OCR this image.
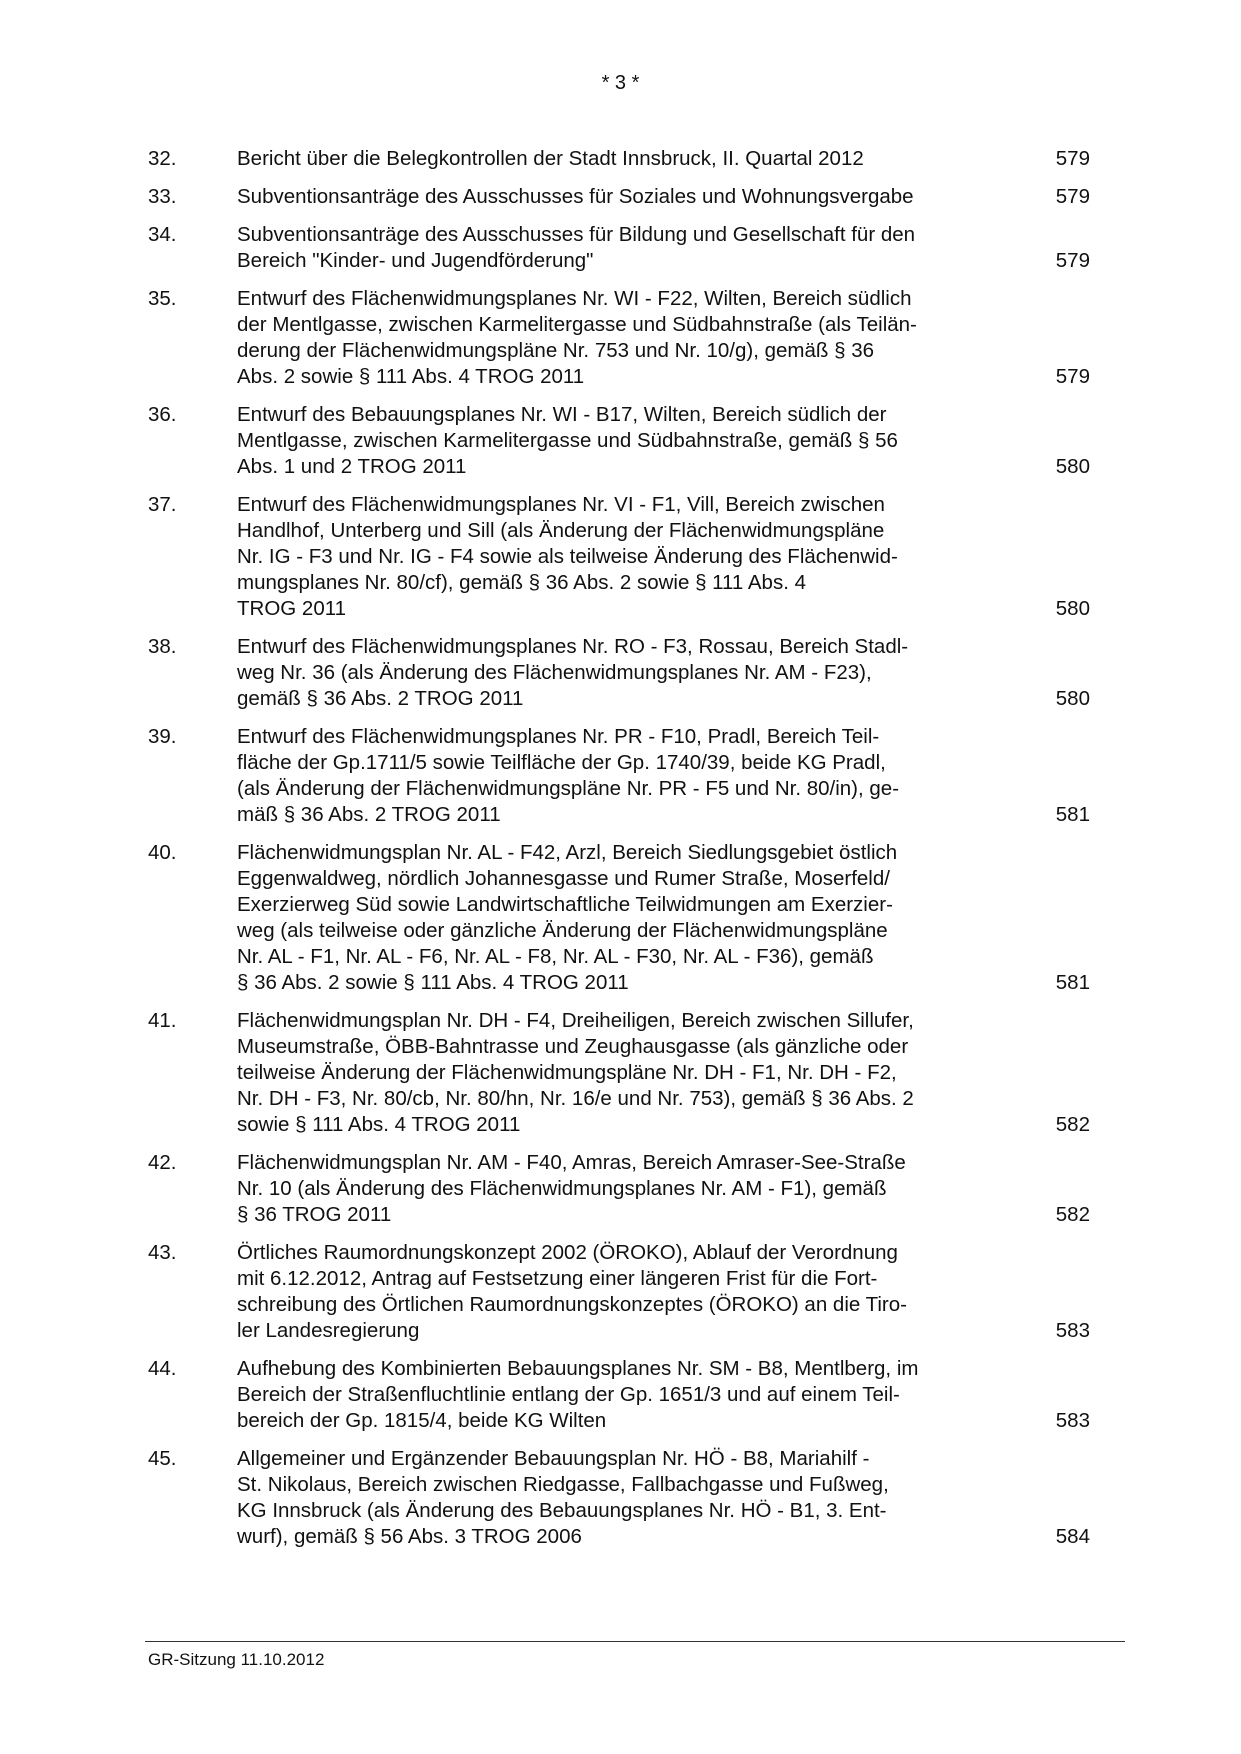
* 3 *
32.	Bericht über die Belegkontrollen der Stadt Innsbruck, II. Quartal 2012	579
33.	Subventionsanträge des Ausschusses für Soziales und Wohnungsvergabe	579
34.	Subventionsanträge des Ausschusses für Bildung und Gesellschaft für den
Bereich "Kinder- und Jugendförderung"	579
35.	Entwurf des Flächenwidmungsplanes Nr. WI - F22, Wilten, Bereich südlich
der Mentlgasse, zwischen Karmelitergasse und Südbahnstraße (als Teilän-
derung der Flächenwidmungspläne Nr. 753 und Nr. 10/g), gemäß § 36
Abs. 2 sowie § 111 Abs. 4 TROG 2011	579
36.	Entwurf des Bebauungsplanes Nr. WI - B17, Wilten, Bereich südlich der
Mentlgasse, zwischen Karmelitergasse und Südbahnstraße, gemäß § 56
Abs. 1 und 2 TROG 2011	580
37.	Entwurf des Flächenwidmungsplanes Nr. VI - F1, Vill, Bereich zwischen
Handlhof, Unterberg und Sill (als Änderung der Flächenwidmungspläne
Nr. IG - F3 und Nr. IG - F4 sowie als teilweise Änderung des Flächenwid-
mungsplanes Nr. 80/cf), gemäß § 36 Abs. 2 sowie § 111 Abs. 4
TROG 2011	580
38.	Entwurf des Flächenwidmungsplanes Nr. RO - F3, Rossau, Bereich Stadl-
weg Nr. 36 (als Änderung des Flächenwidmungsplanes Nr. AM - F23),
gemäß § 36 Abs. 2 TROG 2011	580
39.	Entwurf des Flächenwidmungsplanes Nr. PR - F10, Pradl, Bereich Teil-
fläche der Gp.1711/5 sowie Teilfläche der Gp. 1740/39, beide KG Pradl,
(als Änderung der Flächenwidmungspläne Nr. PR - F5 und Nr. 80/in), ge-
mäß § 36 Abs. 2 TROG 2011	581
40.	Flächenwidmungsplan Nr. AL - F42, Arzl, Bereich Siedlungsgebiet östlich
Eggenwaldweg, nördlich Johannesgasse und Rumer Straße, Moserfeld/
Exerzierweg Süd sowie Landwirtschaftliche Teilwidmungen am Exerzier-
weg (als teilweise oder gänzliche Änderung der Flächenwidmungspläne
Nr. AL - F1, Nr. AL - F6, Nr. AL - F8, Nr. AL - F30, Nr. AL - F36), gemäß
§ 36 Abs. 2 sowie § 111 Abs. 4 TROG 2011	581
41.	Flächenwidmungsplan Nr. DH - F4, Dreiheiligen, Bereich zwischen Sillufer,
Museumstraße, ÖBB-Bahntrasse und Zeughausgasse (als gänzliche oder
teilweise Änderung der Flächenwidmungspläne Nr. DH - F1, Nr. DH - F2,
Nr. DH - F3, Nr. 80/cb, Nr. 80/hn, Nr. 16/e und Nr. 753), gemäß § 36 Abs. 2
sowie § 111 Abs. 4 TROG 2011	582
42.	Flächenwidmungsplan Nr. AM - F40, Amras, Bereich Amraser-See-Straße
Nr. 10 (als Änderung des Flächenwidmungsplanes Nr. AM - F1), gemäß
§ 36 TROG 2011	582
43.	Örtliches Raumordnungskonzept 2002 (ÖROKO), Ablauf der Verordnung
mit 6.12.2012, Antrag auf Festsetzung einer längeren Frist für die Fort-
schreibung des Örtlichen Raumordnungskonzeptes (ÖROKO) an die Tiro-
ler Landesregierung	583
44.	Aufhebung des Kombinierten Bebauungsplanes Nr. SM - B8, Mentlberg, im
Bereich der Straßenfluchtlinie entlang der Gp. 1651/3 und auf einem Teil-
bereich der Gp. 1815/4, beide KG Wilten	583
45.	Allgemeiner und Ergänzender Bebauungsplan Nr. HÖ - B8, Mariahilf -
St. Nikolaus, Bereich zwischen Riedgasse, Fallbachgasse und Fußweg,
KG Innsbruck (als Änderung des Bebauungsplanes Nr. HÖ - B1, 3. Ent-
wurf), gemäß § 56 Abs. 3 TROG 2006	584
GR-Sitzung 11.10.2012
